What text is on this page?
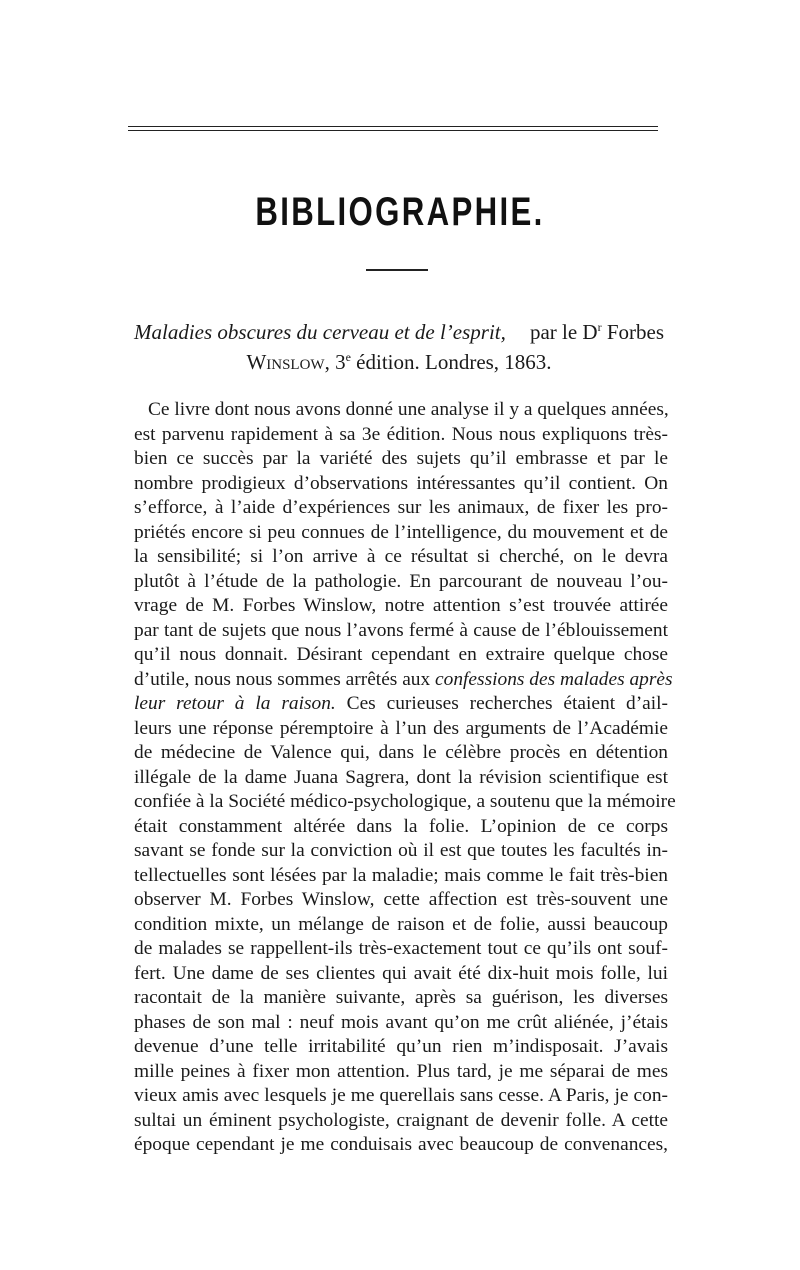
BIBLIOGRAPHIE.
Maladies obscures du cerveau et de l’esprit, par le $D^r$ Forbes
Winslow, 3e édition. Londres, 1863.
Ce livre dont nous avons donné une analyse il y a quelques années,
est parvenu rapidement à sa 3e édition. Nous nous expliquons très-
bien ce succès par la variété des sujets qu’il embrasse et par le
nombre prodigieux d’observations intéressantes qu’il contient. On
s’efforce, à l’aide d’expériences sur les animaux, de fixer les pro-
priétés encore si peu connues de l’intelligence, du mouvement et de
la sensibilité; si l’on arrive à ce résultat si cherché, on le devra
plutôt à l’étude de la pathologie. En parcourant de nouveau l’ou-
vrage de M. Forbes Winslow, notre attention s’est trouvée attirée
par tant de sujets que nous l’avons fermé à cause de l’éblouissement
qu’il nous donnait. Désirant cependant en extraire quelque chose
d’utile, nous nous sommes arrêtés aux confessions des malades après
leur retour à la raison. Ces curieuses recherches étaient d’ail-
leurs une réponse péremptoire à l’un des arguments de l’Académie
de médecine de Valence qui, dans le célèbre procès en détention
illégale de la dame Juana Sagrera, dont la révision scientifique est
confiée à la Société médico-psychologique, a soutenu que la mémoire
était constamment altérée dans la folie. L’opinion de ce corps
savant se fonde sur la conviction où il est que toutes les facultés in-
tellectuelles sont lésées par la maladie; mais comme le fait très-bien
observer M. Forbes Winslow, cette affection est très-souvent une
condition mixte, un mélange de raison et de folie, aussi beaucoup
de malades se rappellent-ils très-exactement tout ce qu’ils ont souf-
fert. Une dame de ses clientes qui avait été dix-huit mois folle, lui
racontait de la manière suivante, après sa guérison, les diverses
phases de son mal : neuf mois avant qu’on me crût aliénée, j’étais
devenue d’une telle irritabilité qu’un rien m’indisposait. J’avais
mille peines à fixer mon attention. Plus tard, je me séparai de mes
vieux amis avec lesquels je me querellais sans cesse. A Paris, je con-
sultai un éminent psychologiste, craignant de devenir folle. A cette
époque cependant je me conduisais avec beaucoup de convenances,
